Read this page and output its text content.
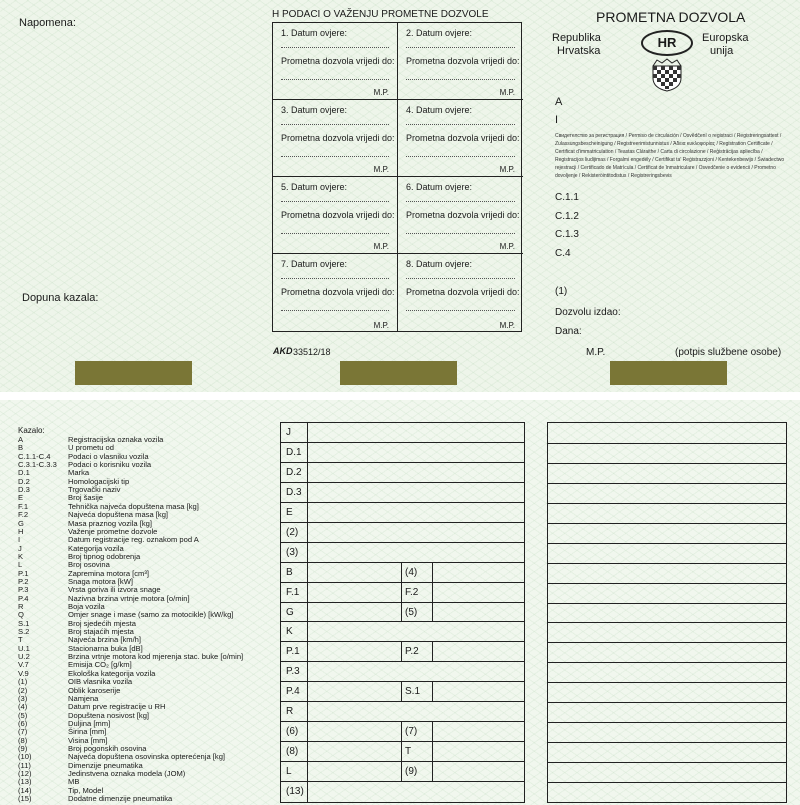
Napomena:
Dopuna kazala:
H PODACI O VAŽENJU PROMETNE DOZVOLE
1. Datum ovjere:
Prometna dozvola vrijedi do:
M.P.
2. Datum ovjere:
Prometna dozvola vrijedi do:
M.P.
3. Datum ovjere:
Prometna dozvola vrijedi do:
M.P.
4. Datum ovjere:
Prometna dozvola vrijedi do:
M.P.
5. Datum ovjere:
Prometna dozvola vrijedi do:
M.P.
6. Datum ovjere:
Prometna dozvola vrijedi do:
M.P.
7. Datum ovjere:
Prometna dozvola vrijedi do:
M.P.
8. Datum ovjere:
Prometna dozvola vrijedi do:
M.P.
AKD 33512/18
PROMETNA DOZVOLA
Republika
Hrvatska
Europska
unija
HR
A
I
Свидетелство за регистрация / Permiso de circulación / Osvědčení o registraci / Registreringsattest / Zulassungsbescheinigung / Registreerimistunnistus / Άδεια κυκλοφορίας / Registration Certificate / Certificat d'immatriculation / Teastas Cláraithe / Carta di circolazione / Reģistrācijas apliecība / Registracijos liudijimas / Forgalmi engedély / Certifikat ta' Reġistrazzjoni / Kentekenbewijs / Świadectwo rejestracji / Certificado de Matrícula / Certificat de înmatriculare / Osvedčenie o evidencii / Prometno dovoljenje / Rekisteröintitodistus / Registreringsbevis
C.1.1
C.1.2
C.1.3
C.4
(1)
Dozvolu izdao:
Dana:
M.P.	(potpis službene osobe)
Kazalo:
A	Registracijska oznaka vozila
B	U prometu od
C.1.1-C.4 Podaci o vlasniku vozila
C.3.1-C.3.3 Podaci o korisniku vozila
D.1	Marka
D.2	Homologacijski tip
D.3	Trgovački naziv
E	Broj šasije
F.1	Tehnička najveća dopuštena masa [kg]
F.2	Najveća dopuštena masa [kg]
G	Masa praznog vozila [kg]
H	Važenje prometne dozvole
I	Datum registracije reg. oznakom pod A
J	Kategorija vozila
K	Broj tipnog odobrenja
L	Broj osovina
P.1	Zapremina motora [cm³]
P.2	Snaga motora [kW]
P.3	Vrsta goriva ili izvora snage
P.4	Nazivna brzina vrtnje motora [o/min]
R	Boja vozila
Q	Omjer snage i mase (samo za motocikle) [kW/kg]
S.1	Broj sjedećih mjesta
S.2	Broj stajaćih mjesta
T	Najveća brzina [km/h]
U.1	Stacionarna buka [dB]
U.2	Brzina vrtnje motora kod mjerenja stac. buke [o/min]
V.7	Emisija CO₂ [g/km]
V.9	Ekološka kategorija vozila
(1)	OIB vlasnika vozila
(2)	Oblik karoserije
(3)	Namjena
(4)	Datum prve registracije u RH
(5)	Dopuštena nosivost [kg]
(6)	Duljina [mm]
(7)	Širina [mm]
(8)	Visina [mm]
(9)	Broj pogonskih osovina
(10)	Najveća dopuštena osovinska opterećenja [kg]
(11)	Dimenzije pneumatika
(12)	Jedinstvena oznaka modela (JOM)
(13)	MB
(14)	Tip, Model
(15)	Dodatne dimenzije pneumatika
J
D.1
D.2
D.3
E
(2)
(3)
B	(4)
F.1	F.2
G	(5)
K
P.1	P.2
P.3
P.4	S.1
R
(6)	(7)
(8)	T
L	(9)
(13)
